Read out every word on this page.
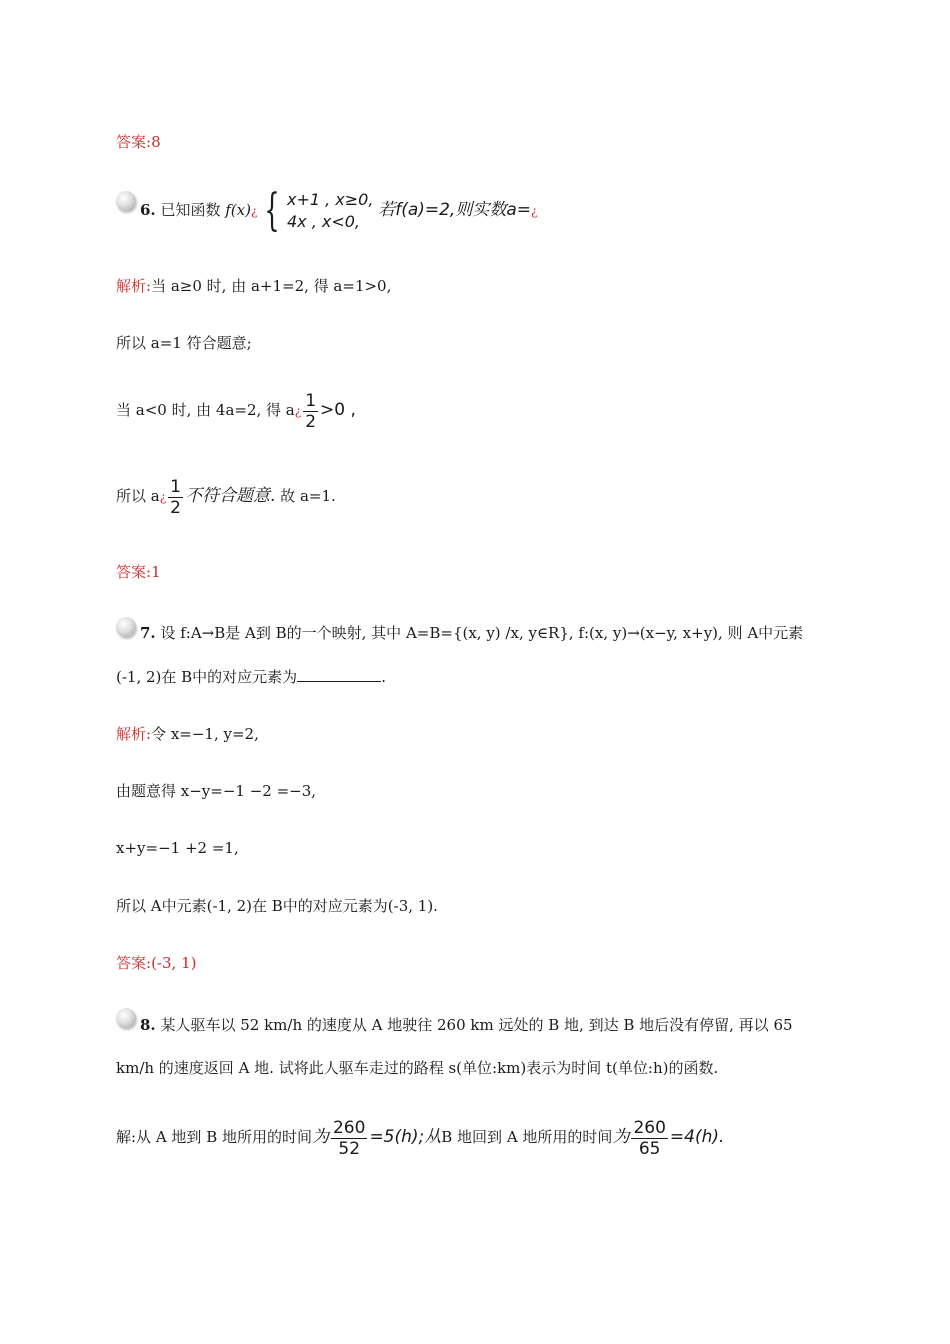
答案:8
6. 已知函数 f(x)¿ { x+1 , x≥0,
4x , x<0,
若f(a)=2,则实数a=¿
解析:当 a≥0 时, 由 a+1=2, 得 a=1>0,
所以 a=1 符合题意;
当 a<0 时, 由 4a=2, 得 a¿ $\frac{1}{2} >0$ ,
所以 a¿ $\frac{1}{2}$ 不符合题意. 故 a=1.
答案:1
7. 设 f:A→B是 A到 B的一个映射, 其中 A=B={(x, y) /x, y∈R}, f:(x, y)→(x−y, x+y), 则 A中元素
(-1, 2)在 B中的对应元素为	.
解析:令 x=−1, y=2,
由题意得 x−y=−1 −2 =−3,
x+y=−1 +2 =1,
所以 A中元素(-1, 2)在 B中的对应元素为(-3, 1).
答案:(-3, 1)
8. 某人驱车以 52 km/h 的速度从 A 地驶往 260 km 远处的 B 地, 到达 B 地后没有停留, 再以 65
km/h 的速度返回 A 地. 试将此人驱车走过的路程 s(单位:km)表示为时间 t(单位:h)的函数.
解:从 A 地到 B 地所用的时间为 $\frac{260}{52} =5(h)$;从B 地回到 A 地所用的时间为 $\frac{260}{65} =4(h)$.
